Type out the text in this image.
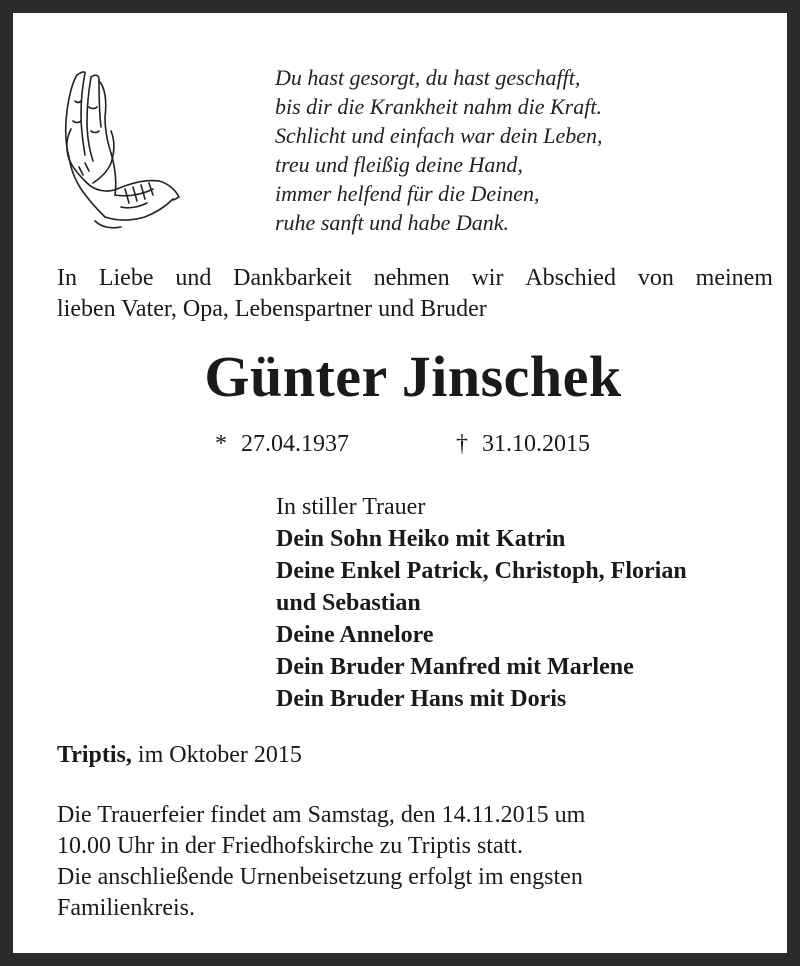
Du hast gesorgt, du hast geschafft,
bis dir die Krankheit nahm die Kraft.
Schlicht und einfach war dein Leben,
treu und fleißig deine Hand,
immer helfend für die Deinen,
ruhe sanft und habe Dank.
In Liebe und Dankbarkeit nehmen wir Abschied von meinem
lieben Vater, Opa, Lebenspartner und Bruder
Günter Jinschek
* 27.04.1937	† 31.10.2015
In stiller Trauer
Dein Sohn Heiko mit Katrin
Deine Enkel Patrick, Christoph, Florian
und Sebastian
Deine Annelore
Dein Bruder Manfred mit Marlene
Dein Bruder Hans mit Doris
Triptis, im Oktober 2015
Die Trauerfeier findet am Samstag, den 14.11.2015 um
10.00 Uhr in der Friedhofskirche zu Triptis statt.
Die anschließende Urnenbeisetzung erfolgt im engsten
Familienkreis.
